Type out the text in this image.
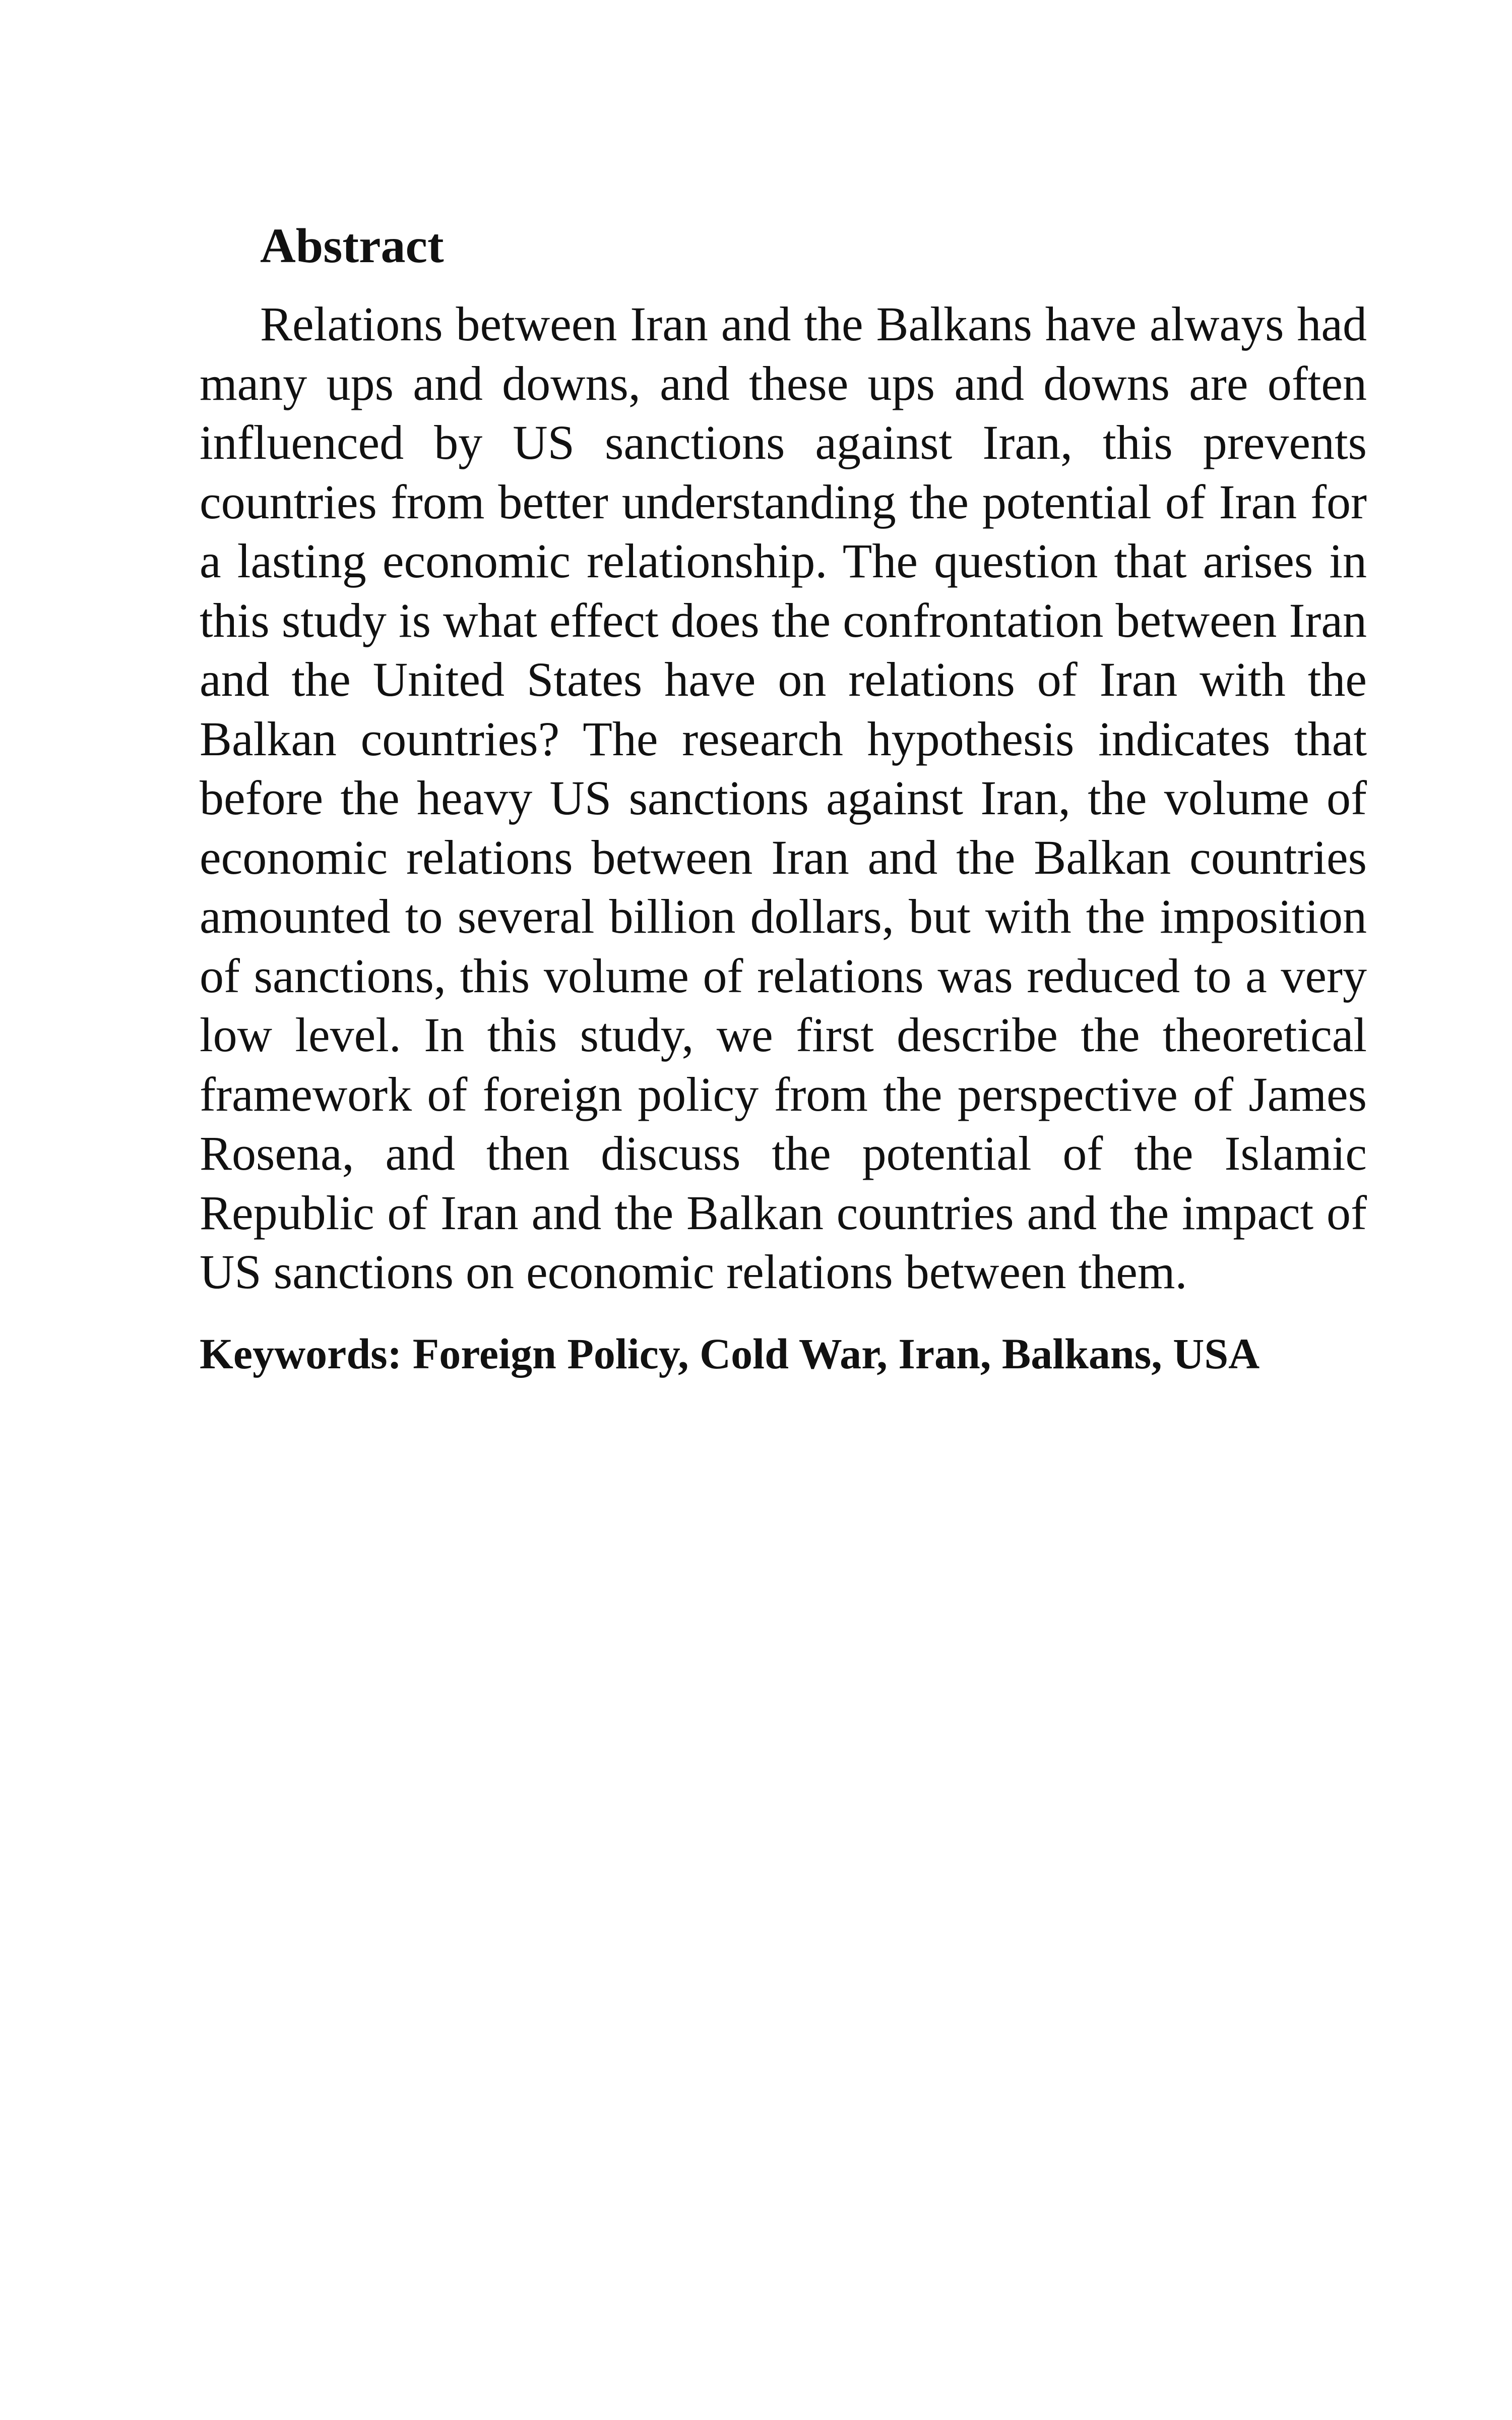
Abstract

Relations between Iran and the Balkans have always had many ups and downs, and these ups and downs are often influenced by US sanctions against Iran, this prevents countries from better understanding the potential of Iran for a lasting economic relationship. The question that arises in this study is what effect does the confrontation between Iran and the United States have on relations of Iran with the Balkan countries? The research hypothesis indicates that before the heavy US sanctions against Iran, the volume of economic relations between Iran and the Balkan countries amounted to several billion dollars, but with the imposition of sanctions, this volume of relations was reduced to a very low level. In this study, we first describe the theoretical framework of foreign policy from the perspective of James Rosena, and then discuss the potential of the Islamic Republic of Iran and the Balkan countries and the impact of US sanctions on economic relations between them.

Keywords: Foreign Policy, Cold War, Iran, Balkans, USA
